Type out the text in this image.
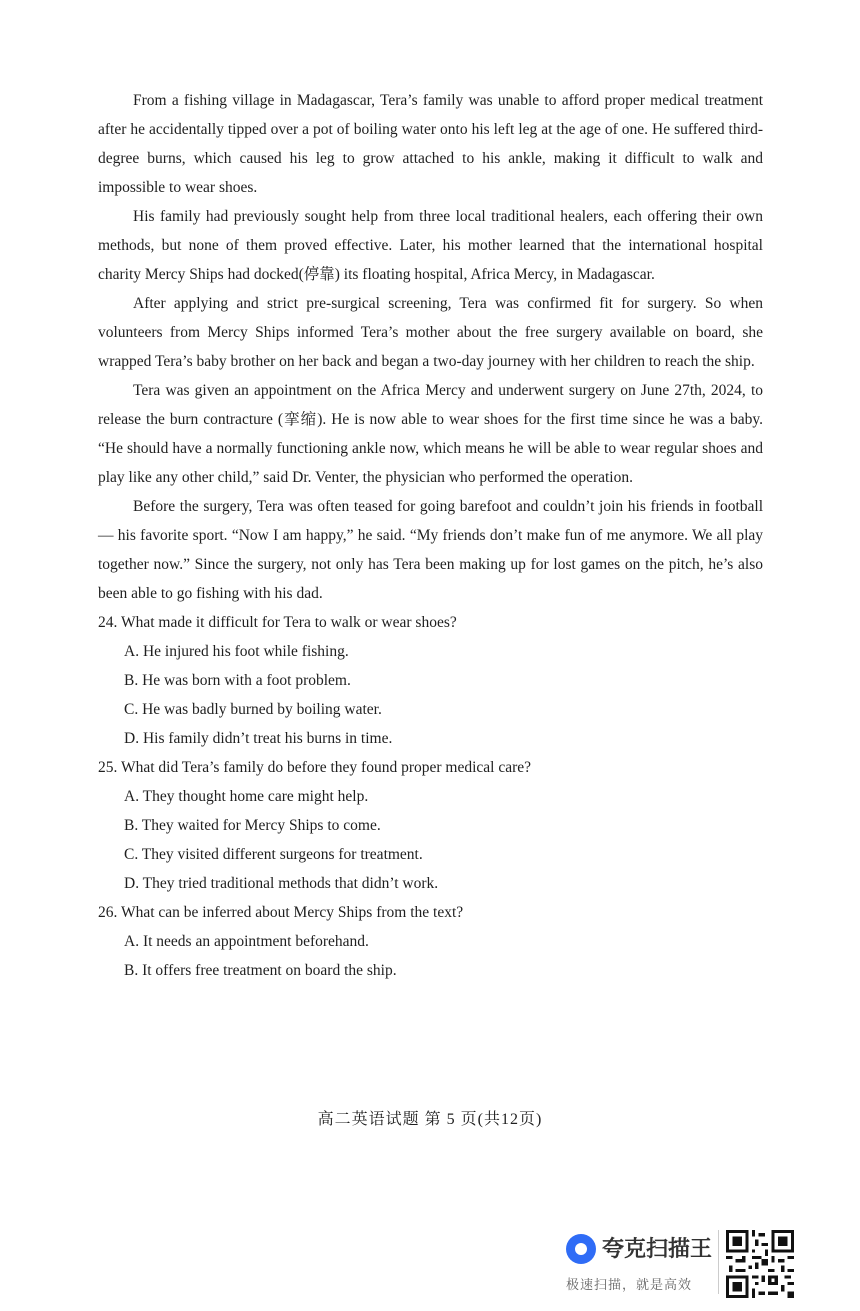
From a fishing village in Madagascar, Tera’s family was unable to afford proper medical treatment after he accidentally tipped over a pot of boiling water onto his left leg at the age of one. He suffered third-degree burns, which caused his leg to grow attached to his ankle, making it difficult to walk and impossible to wear shoes.

His family had previously sought help from three local traditional healers, each offering their own methods, but none of them proved effective. Later, his mother learned that the international hospital charity Mercy Ships had docked(停靠) its floating hospital, Africa Mercy, in Madagascar.

After applying and strict pre-surgical screening, Tera was confirmed fit for surgery. So when volunteers from Mercy Ships informed Tera’s mother about the free surgery available on board, she wrapped Tera’s baby brother on her back and began a two-day journey with her children to reach the ship.

Tera was given an appointment on the Africa Mercy and underwent surgery on June 27th, 2024, to release the burn contracture (挛缩). He is now able to wear shoes for the first time since he was a baby. “He should have a normally functioning ankle now, which means he will be able to wear regular shoes and play like any other child,” said Dr. Venter, the physician who performed the operation.

Before the surgery, Tera was often teased for going barefoot and couldn’t join his friends in football — his favorite sport. “Now I am happy,” he said. “My friends don’t make fun of me anymore. We all play together now.” Since the surgery, not only has Tera been making up for lost games on the pitch, he’s also been able to go fishing with his dad.

24. What made it difficult for Tera to walk or wear shoes?

A. He injured his foot while fishing.

B. He was born with a foot problem.

C. He was badly burned by boiling water.

D. His family didn’t treat his burns in time.

25. What did Tera’s family do before they found proper medical care?

A. They thought home care might help.

B. They waited for Mercy Ships to come.

C. They visited different surgeons for treatment.

D. They tried traditional methods that didn’t work.

26. What can be inferred about Mercy Ships from the text?

A. It needs an appointment beforehand.

B. It offers free treatment on board the ship.

高二英语试题 第 5 页(共12页)
夸克扫描王
极速扫描，就是高效
